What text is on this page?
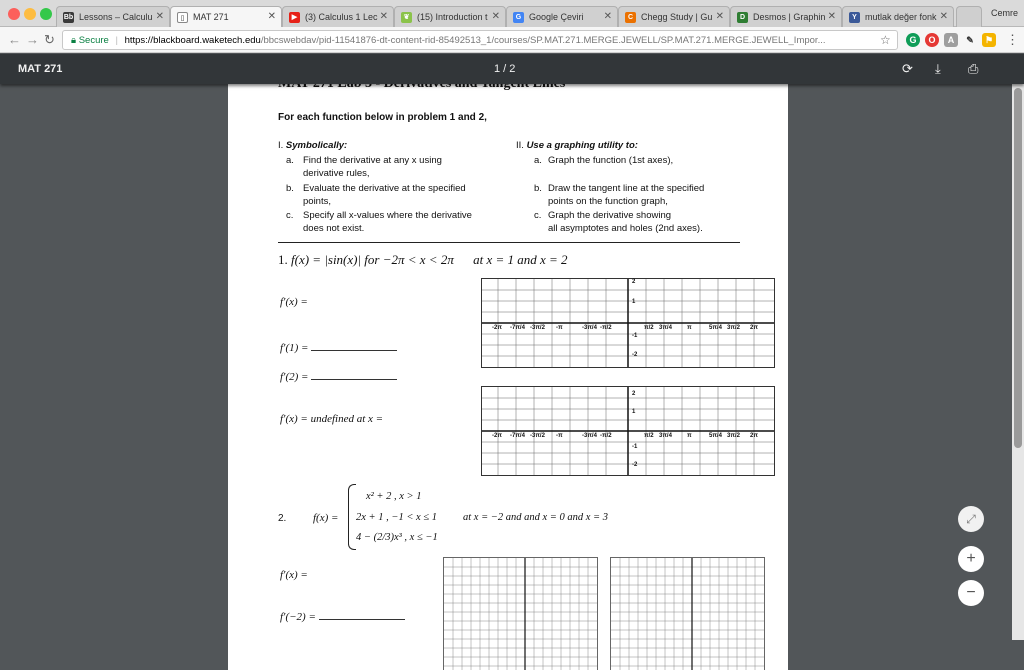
Bb Lessons – Calculu ✕	▯ MAT 271	✕	▶ (3) Calculus 1 Lec ✕	❦ (15) Introduction t ✕	G Google Çeviri ✕	C Chegg Study | Gu ✕	D Desmos | Graphin ✕	Y mutlak değer fonk ✕	Cemre
← → ↻	🔒︎ Secure | https://blackboard.waketech.edu/bbcswebdav/pid-11541876-dt-content-rid-85492513_1/courses/SP.MAT.271.MERGE.JEWELL/SP.MAT.271.MERGE.JEWELL_Impor...	☆	G	O	A	✎	⚑ ⋮
MAT 271	1 / 2	⟳ ⤓ ⎙
For each function below in problem 1 and 2,
I. Symbolically:
a. Find the derivative at any x using

derivative rules,
b. Evaluate the derivative at the specified

points,
c. Specify all x-values where the derivative

does not exist.
II. Use a graphing utility to:
a. Graph the function (1st axes),
b. Draw the tangent line at the specified

points on the function graph,
c. Graph the derivative showing

all asymptotes and holes (2nd axes).
1. f(x) = |sin(x)| for −2π < x < 2π at x = 1 and x = 2
f′(x) =
f′(1) =
f′(2) =
f′(x) = undefined at x =
2
1
-1
-2
-2π -7π/4 -3π/2 -π	-3π/4 -π/2	π/2 3π/4	π	5π/4 3π/2 2π
2
1
-1
-2
-2π -7π/4 -3π/2 -π	-3π/4 -π/2	π/2 3π/4	π	5π/4 3π/2 2π
2. f(x) =
x² + 2 , x > 1
2x + 1 , −1 < x ≤ 1
4 − (2/3)x³ , x ≤ −1
at x = −2 and and x = 0 and x = 3
f′(x) =
f′(−2) =
⤢
+
−
